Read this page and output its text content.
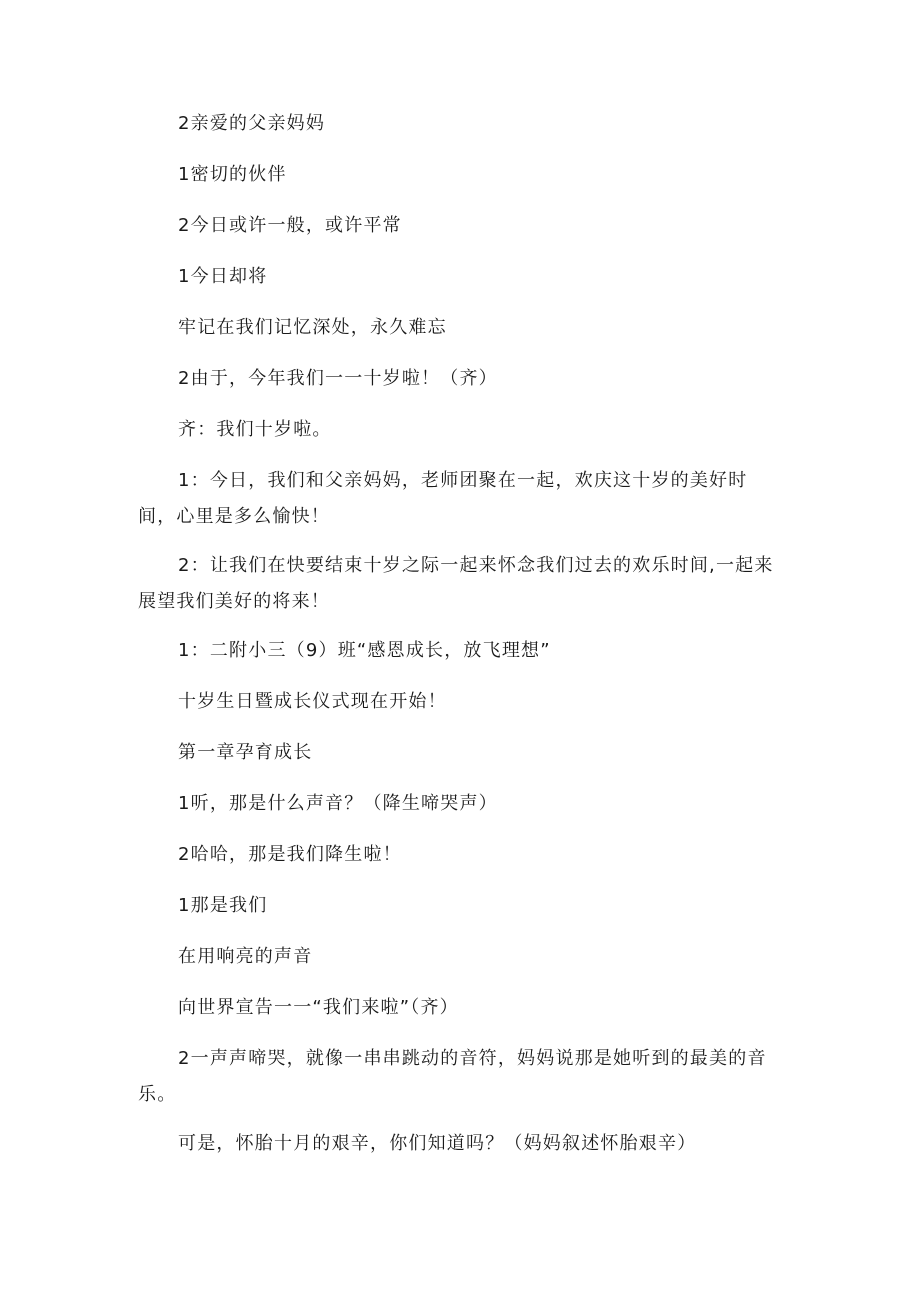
2亲爱的父亲妈妈

1密切的伙伴

2今日或许一般，或许平常

1今日却将

牢记在我们记忆深处，永久难忘

2由于，今年我们一一十岁啦！（齐）

齐：我们十岁啦。

1：今日，我们和父亲妈妈，老师团聚在一起，欢庆这十岁的美好时间，心里是多么愉快！

2：让我们在快要结束十岁之际一起来怀念我们过去的欢乐时间,一起来展望我们美好的将来！

1：二附小三（9）班“感恩成长，放飞理想”

十岁生日暨成长仪式现在开始！

第一章孕育成长

1听，那是什么声音？（降生啼哭声）

2哈哈，那是我们降生啦！

1那是我们

在用响亮的声音

向世界宣告一一“我们来啦”（齐）

2一声声啼哭，就像一串串跳动的音符，妈妈说那是她听到的最美的音乐。

可是，怀胎十月的艰辛，你们知道吗？（妈妈叙述怀胎艰辛）
